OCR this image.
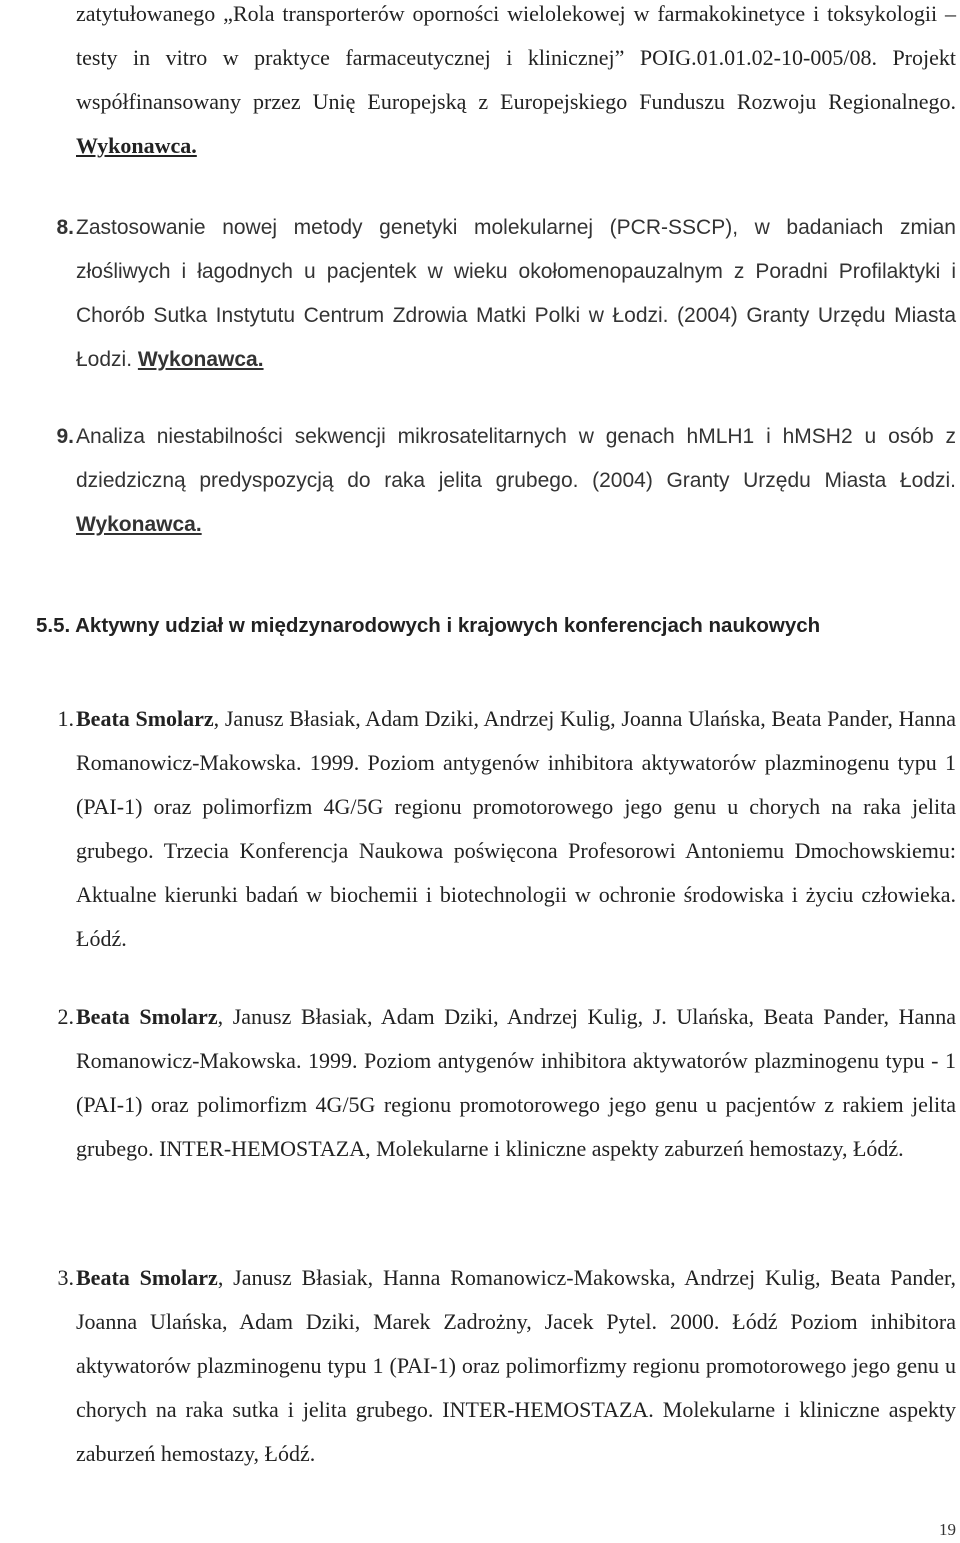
zatytułowanego „Rola transporterów oporności wielolekowej w farmakokinetyce i toksykologii – testy in vitro w praktyce farmaceutycznej i klinicznej” POIG.01.01.02-10-005/08. Projekt współfinansowany przez Unię Europejską z Europejskiego Funduszu Rozwoju Regionalnego. Wykonawca.
8. Zastosowanie nowej metody genetyki molekularnej (PCR-SSCP), w badaniach zmian złośliwych i łagodnych u pacjentek w wieku okołomenopauzalnym z Poradni Profilaktyki i Chorób Sutka Instytutu Centrum Zdrowia Matki Polki w Łodzi. (2004) Granty Urzędu Miasta Łodzi. Wykonawca.
9. Analiza niestabilności sekwencji mikrosatelitarnych w genach hMLH1 i hMSH2 u osób z dziedziczną predyspozycją do raka jelita grubego. (2004) Granty Urzędu Miasta Łodzi. Wykonawca.
5.5. Aktywny udział w międzynarodowych i krajowych konferencjach naukowych
1. Beata Smolarz, Janusz Błasiak, Adam Dziki, Andrzej Kulig, Joanna Ulańska, Beata Pander, Hanna Romanowicz-Makowska. 1999. Poziom antygenów inhibitora aktywatorów plazminogenu typu 1 (PAI-1) oraz polimorfizm 4G/5G regionu promotorowego jego genu u chorych na raka jelita grubego. Trzecia Konferencja Naukowa poświęcona Profesorowi Antoniemu Dmochowskiemu: Aktualne kierunki badań w biochemii i biotechnologii w ochronie środowiska i życiu człowieka. Łódź.
2. Beata Smolarz, Janusz Błasiak, Adam Dziki, Andrzej Kulig, J. Ulańska, Beata Pander, Hanna Romanowicz-Makowska. 1999. Poziom antygenów inhibitora aktywatorów plazminogenu typu - 1 (PAI-1) oraz polimorfizm 4G/5G regionu promotorowego jego genu u pacjentów z rakiem jelita grubego. INTER-HEMOSTAZA, Molekularne i kliniczne aspekty zaburzeń hemostazy, Łódź.
3. Beata Smolarz, Janusz Błasiak, Hanna Romanowicz-Makowska, Andrzej Kulig, Beata Pander, Joanna Ulańska, Adam Dziki, Marek Zadrożny, Jacek Pytel. 2000. Łódź Poziom inhibitora aktywatorów plazminogenu typu 1 (PAI-1) oraz polimorfizmy regionu promotorowego jego genu u chorych na raka sutka i jelita grubego. INTER-HEMOSTAZA. Molekularne i kliniczne aspekty zaburzeń hemostazy, Łódź.
19
